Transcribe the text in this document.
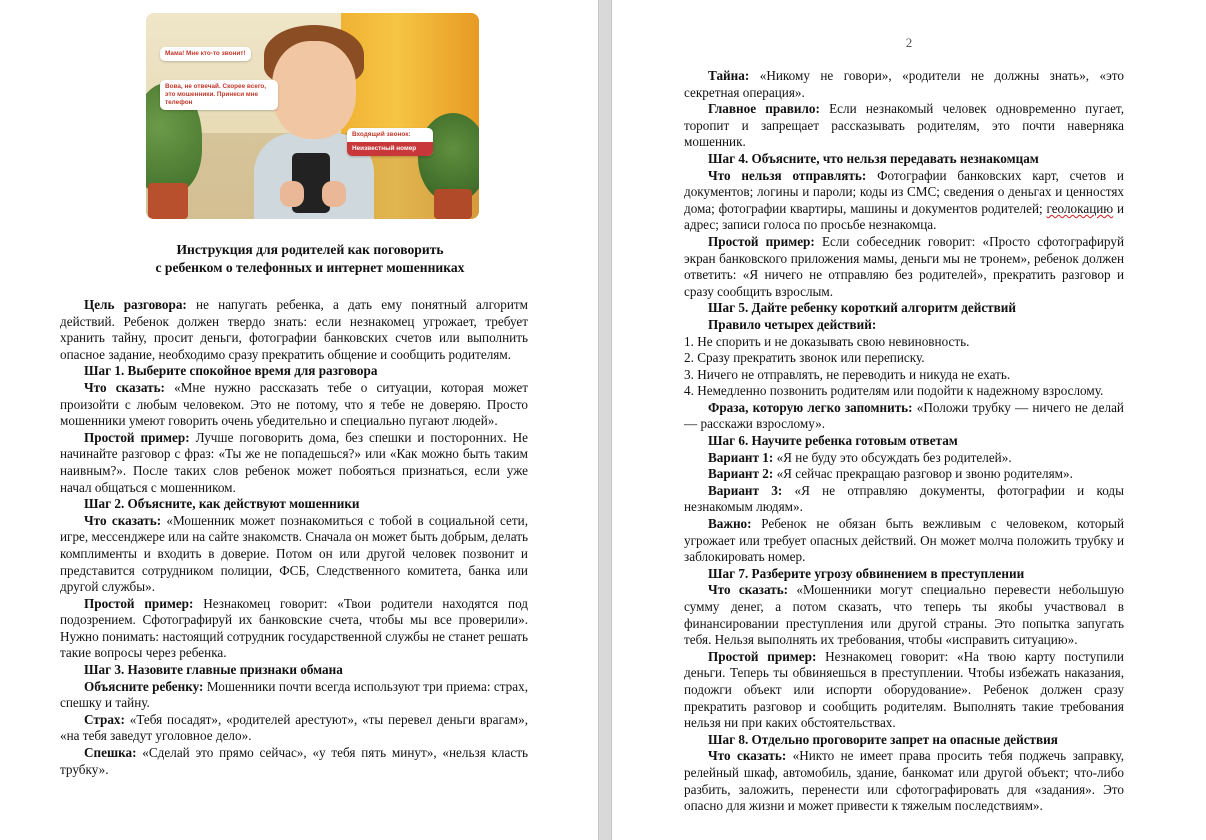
Мама! Мне кто-то звонит!
Вова, не отвечай. Скорее всего, это мошенники. Принеси мне телефон
Входящий звонок:
Неизвестный номер
Инструкция для родителей как поговорить
с ребенком о телефонных и интернет мошенниках

Цель разговора: не напугать ребенка, а дать ему понятный алгоритм действий. Ребенок должен твердо знать: если незнакомец угрожает, требует хранить тайну, просит деньги, фотографии банковских счетов или выполнить опасное задание, необходимо сразу прекратить общение и сообщить родителям.

Шаг 1. Выберите спокойное время для разговора

Что сказать: «Мне нужно рассказать тебе о ситуации, которая может произойти с любым человеком. Это не потому, что я тебе не доверяю. Просто мошенники умеют говорить очень убедительно и специально пугают людей».

Простой пример: Лучше поговорить дома, без спешки и посторонних. Не начинайте разговор с фраз: «Ты же не попадешься?» или «Как можно быть таким наивным?». После таких слов ребенок может побояться признаться, если уже начал общаться с мошенником.

Шаг 2. Объясните, как действуют мошенники

Что сказать: «Мошенник может познакомиться с тобой в социальной сети, игре, мессенджере или на сайте знакомств. Сначала он может быть добрым, делать комплименты и входить в доверие. Потом он или другой человек позвонит и представится сотрудником полиции, ФСБ, Следственного комитета, банка или другой службы».

Простой пример: Незнакомец говорит: «Твои родители находятся под подозрением. Сфотографируй их банковские счета, чтобы мы все проверили». Нужно понимать: настоящий сотрудник государственной службы не станет решать такие вопросы через ребенка.

Шаг 3. Назовите главные признаки обмана

Объясните ребенку: Мошенники почти всегда используют три приема: страх, спешку и тайну.

Страх: «Тебя посадят», «родителей арестуют», «ты перевел деньги врагам», «на тебя заведут уголовное дело».

Спешка: «Сделай это прямо сейчас», «у тебя пять минут», «нельзя класть трубку».

2

Тайна: «Никому не говори», «родители не должны знать», «это секретная операция».

Главное правило: Если незнакомый человек одновременно пугает, торопит и запрещает рассказывать родителям, это почти наверняка мошенник.

Шаг 4. Объясните, что нельзя передавать незнакомцам

Что нельзя отправлять: Фотографии банковских карт, счетов и документов; логины и пароли; коды из СМС; сведения о деньгах и ценностях дома; фотографии квартиры, машины и документов родителей; геолокацию и адрес; записи голоса по просьбе незнакомца.

Простой пример: Если собеседник говорит: «Просто сфотографируй экран банковского приложения мамы, деньги мы не тронем», ребенок должен ответить: «Я ничего не отправляю без родителей», прекратить разговор и сразу сообщить взрослым.

Шаг 5. Дайте ребенку короткий алгоритм действий

Правило четырех действий:

1. Не спорить и не доказывать свою невиновность.

2. Сразу прекратить звонок или переписку.

3. Ничего не отправлять, не переводить и никуда не ехать.

4. Немедленно позвонить родителям или подойти к надежному взрослому.

Фраза, которую легко запомнить: «Положи трубку — ничего не делай — расскажи взрослому».

Шаг 6. Научите ребенка готовым ответам

Вариант 1: «Я не буду это обсуждать без родителей».

Вариант 2: «Я сейчас прекращаю разговор и звоню родителям».

Вариант 3: «Я не отправляю документы, фотографии и коды незнакомым людям».

Важно: Ребенок не обязан быть вежливым с человеком, который угрожает или требует опасных действий. Он может молча положить трубку и заблокировать номер.

Шаг 7. Разберите угрозу обвинением в преступлении

Что сказать: «Мошенники могут специально перевести небольшую сумму денег, а потом сказать, что теперь ты якобы участвовал в финансировании преступления или другой страны. Это попытка запугать тебя. Нельзя выполнять их требования, чтобы «исправить ситуацию».

Простой пример: Незнакомец говорит: «На твою карту поступили деньги. Теперь ты обвиняешься в преступлении. Чтобы избежать наказания, подожги объект или испорти оборудование». Ребенок должен сразу прекратить разговор и сообщить родителям. Выполнять такие требования нельзя ни при каких обстоятельствах.

Шаг 8. Отдельно проговорите запрет на опасные действия

Что сказать: «Никто не имеет права просить тебя поджечь заправку, релейный шкаф, автомобиль, здание, банкомат или другой объект; что-либо разбить, заложить, перенести или сфотографировать для «задания». Это опасно для жизни и может привести к тяжелым последствиям».
